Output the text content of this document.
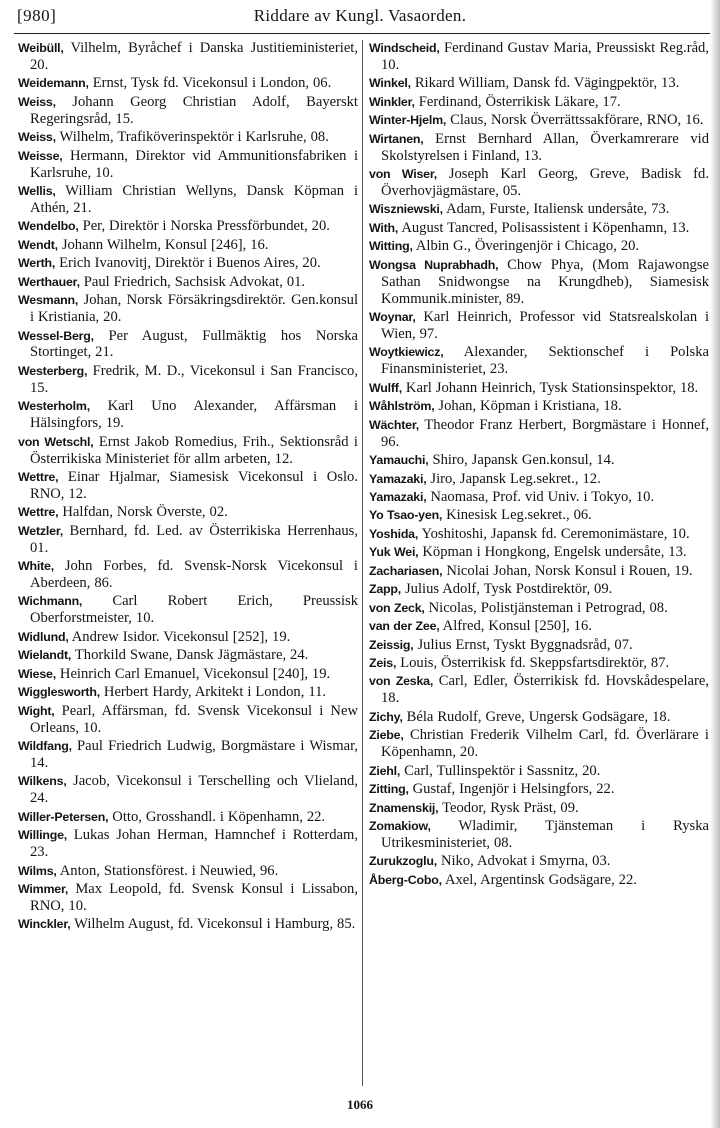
[980]	Riddare av Kungl. Vasaorden.

Weibüll, Vilhelm, Byråchef i Danska Justitieministeriet, 20.

Weidemann, Ernst, Tysk fd. Vicekonsul i London, 06.

Weiss, Johann Georg Christian Adolf, Bayerskt Regeringsråd, 15.

Weiss, Wilhelm, Trafiköverinspektör i Karlsruhe, 08.

Weisse, Hermann, Direktor vid Ammunitionsfabriken i Karlsruhe, 10.

Wellis, William Christian Wellyns, Dansk Köpman i Athén, 21.

Wendelbo, Per, Direktör i Norska Pressförbundet, 20.

Wendt, Johann Wilhelm, Konsul [246], 16.

Werth, Erich Ivanovitj, Direktör i Buenos Aires, 20.

Werthauer, Paul Friedrich, Sachsisk Advokat, 01.

Wesmann, Johan, Norsk Försäkringsdirektör. Gen.konsul i Kristiania, 20.

Wessel-Berg, Per August, Fullmäktig hos Norska Stortinget, 21.

Westerberg, Fredrik, M. D., Vicekonsul i San Francisco, 15.

Westerholm, Karl Uno Alexander, Affärsman i Hälsingfors, 19.

von Wetschl, Ernst Jakob Romedius, Frih., Sektionsråd i Österrikiska Ministeriet för allm arbeten, 12.

Wettre, Einar Hjalmar, Siamesisk Vicekonsul i Oslo. RNO, 12.

Wettre, Halfdan, Norsk Överste, 02.

Wetzler, Bernhard, fd. Led. av Österrikiska Herrenhaus, 01.

White, John Forbes, fd. Svensk-Norsk Vicekonsul i Aberdeen, 86.

Wichmann, Carl Robert Erich, Preussisk Oberforstmeister, 10.

Widlund, Andrew Isidor. Vicekonsul [252], 19.

Wielandt, Thorkild Swane, Dansk Jägmästare, 24.

Wiese, Heinrich Carl Emanuel, Vicekonsul [240], 19.

Wigglesworth, Herbert Hardy, Arkitekt i London, 11.

Wight, Pearl, Affärsman, fd. Svensk Vicekonsul i New Orleans, 10.

Wildfang, Paul Friedrich Ludwig, Borgmästare i Wismar, 14.

Wilkens, Jacob, Vicekonsul i Terschelling och Vlieland, 24.

Willer-Petersen, Otto, Grosshandl. i Köpenhamn, 22.

Willinge, Lukas Johan Herman, Hamnchef i Rotterdam, 23.

Wilms, Anton, Stationsförest. i Neuwied, 96.

Wimmer, Max Leopold, fd. Svensk Konsul i Lissabon, RNO, 10.

Winckler, Wilhelm August, fd. Vicekonsul i Hamburg, 85.

Windscheid, Ferdinand Gustav Maria, Preussiskt Reg.råd, 10.

Winkel, Rikard William, Dansk fd. Vägingpektör, 13.

Winkler, Ferdinand, Österrikisk Läkare, 17.

Winter-Hjelm, Claus, Norsk Överrättssakförare, RNO, 16.

Wirtanen, Ernst Bernhard Allan, Överkamrerare vid Skolstyrelsen i Finland, 13.

von Wiser, Joseph Karl Georg, Greve, Badisk fd. Överhovjägmästare, 05.

Wiszniewski, Adam, Furste, Italiensk undersåte, 73.

With, August Tancred, Polisassistent i Köpenhamn, 13.

Witting, Albin G., Överingenjör i Chicago, 20.

Wongsa Nuprabhadh, Chow Phya, (Mom Rajawongse Sathan Snidwongse na Krungdheb), Siamesisk Kommunik.minister, 89.

Woynar, Karl Heinrich, Professor vid Statsrealskolan i Wien, 97.

Woytkiewicz, Alexander, Sektionschef i Polska Finansministeriet, 23.

Wulff, Karl Johann Heinrich, Tysk Stationsinspektor, 18.

Wåhlström, Johan, Köpman i Kristiana, 18.

Wächter, Theodor Franz Herbert, Borgmästare i Honnef, 96.

Yamauchi, Shiro, Japansk Gen.konsul, 14.

Yamazaki, Jiro, Japansk Leg.sekret., 12.

Yamazaki, Naomasa, Prof. vid Univ. i Tokyo, 10.

Yo Tsao-yen, Kinesisk Leg.sekret., 06.

Yoshida, Yoshitoshi, Japansk fd. Ceremonimästare, 10.

Yuk Wei, Köpman i Hongkong, Engelsk undersåte, 13.

Zachariasen, Nicolai Johan, Norsk Konsul i Rouen, 19.

Zapp, Julius Adolf, Tysk Postdirektör, 09.

von Zeck, Nicolas, Polistjänsteman i Petrograd, 08.

van der Zee, Alfred, Konsul [250], 16.

Zeissig, Julius Ernst, Tyskt Byggnadsråd, 07.

Zeis, Louis, Österrikisk fd. Skeppsfartsdirektör, 87.

von Zeska, Carl, Edler, Österrikisk fd. Hovskådespelare, 18.

Zichy, Béla Rudolf, Greve, Ungersk Godsägare, 18.

Ziebe, Christian Frederik Vilhelm Carl, fd. Överlärare i Köpenhamn, 20.

Ziehl, Carl, Tullinspektör i Sassnitz, 20.

Zitting, Gustaf, Ingenjör i Helsingfors, 22.

Znamenskij, Teodor, Rysk Präst, 09.

Zomakiow, Wladimir, Tjänsteman i Ryska Utrikesministeriet, 08.

Zurukzoglu, Niko, Advokat i Smyrna, 03.

Åberg-Cobo, Axel, Argentinsk Godsägare, 22.

1066
